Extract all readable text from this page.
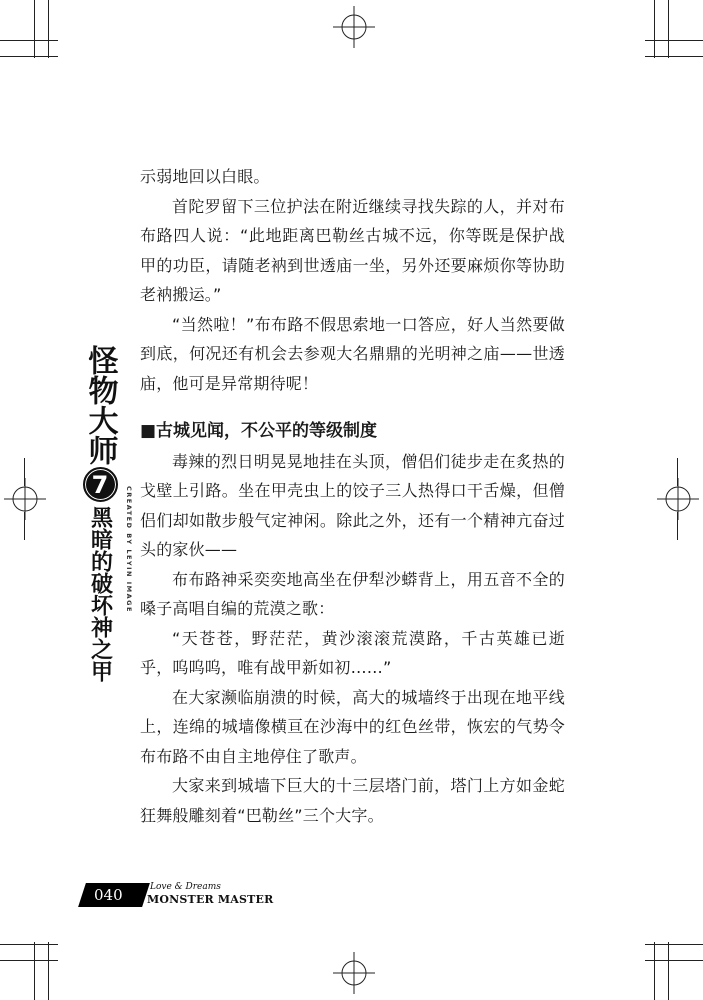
怪物大师
7
黑暗的破坏神之甲	CREATED BY LEYIN IMAGE

示弱地回以白眼。

首陀罗留下三位护法在附近继续寻找失踪的人，并对布布路四人说：“此地距离巴勒丝古城不远，你等既是保护战甲的功臣，请随老衲到世透庙一坐，另外还要麻烦你等协助老衲搬运。”

“当然啦！”布布路不假思索地一口答应，好人当然要做到底，何况还有机会去参观大名鼎鼎的光明神之庙——世透庙，他可是异常期待呢！

■古城见闻，不公平的等级制度

毒辣的烈日明晃晃地挂在头顶，僧侣们徒步走在炙热的戈壁上引路。坐在甲壳虫上的饺子三人热得口干舌燥，但僧侣们却如散步般气定神闲。除此之外，还有一个精神亢奋过头的家伙——

布布路神采奕奕地高坐在伊犁沙蟒背上，用五音不全的嗓子高唱自编的荒漠之歌：

“天苍苍，野茫茫，黄沙滚滚荒漠路，千古英雄已逝乎，呜呜呜，唯有战甲新如初……”

在大家濒临崩溃的时候，高大的城墙终于出现在地平线上，连绵的城墙像横亘在沙海中的红色丝带，恢宏的气势令布布路不由自主地停住了歌声。

大家来到城墙下巨大的十三层塔门前，塔门上方如金蛇狂舞般雕刻着“巴勒丝”三个大字。

040	Love & Dreams
MONSTER MASTER
